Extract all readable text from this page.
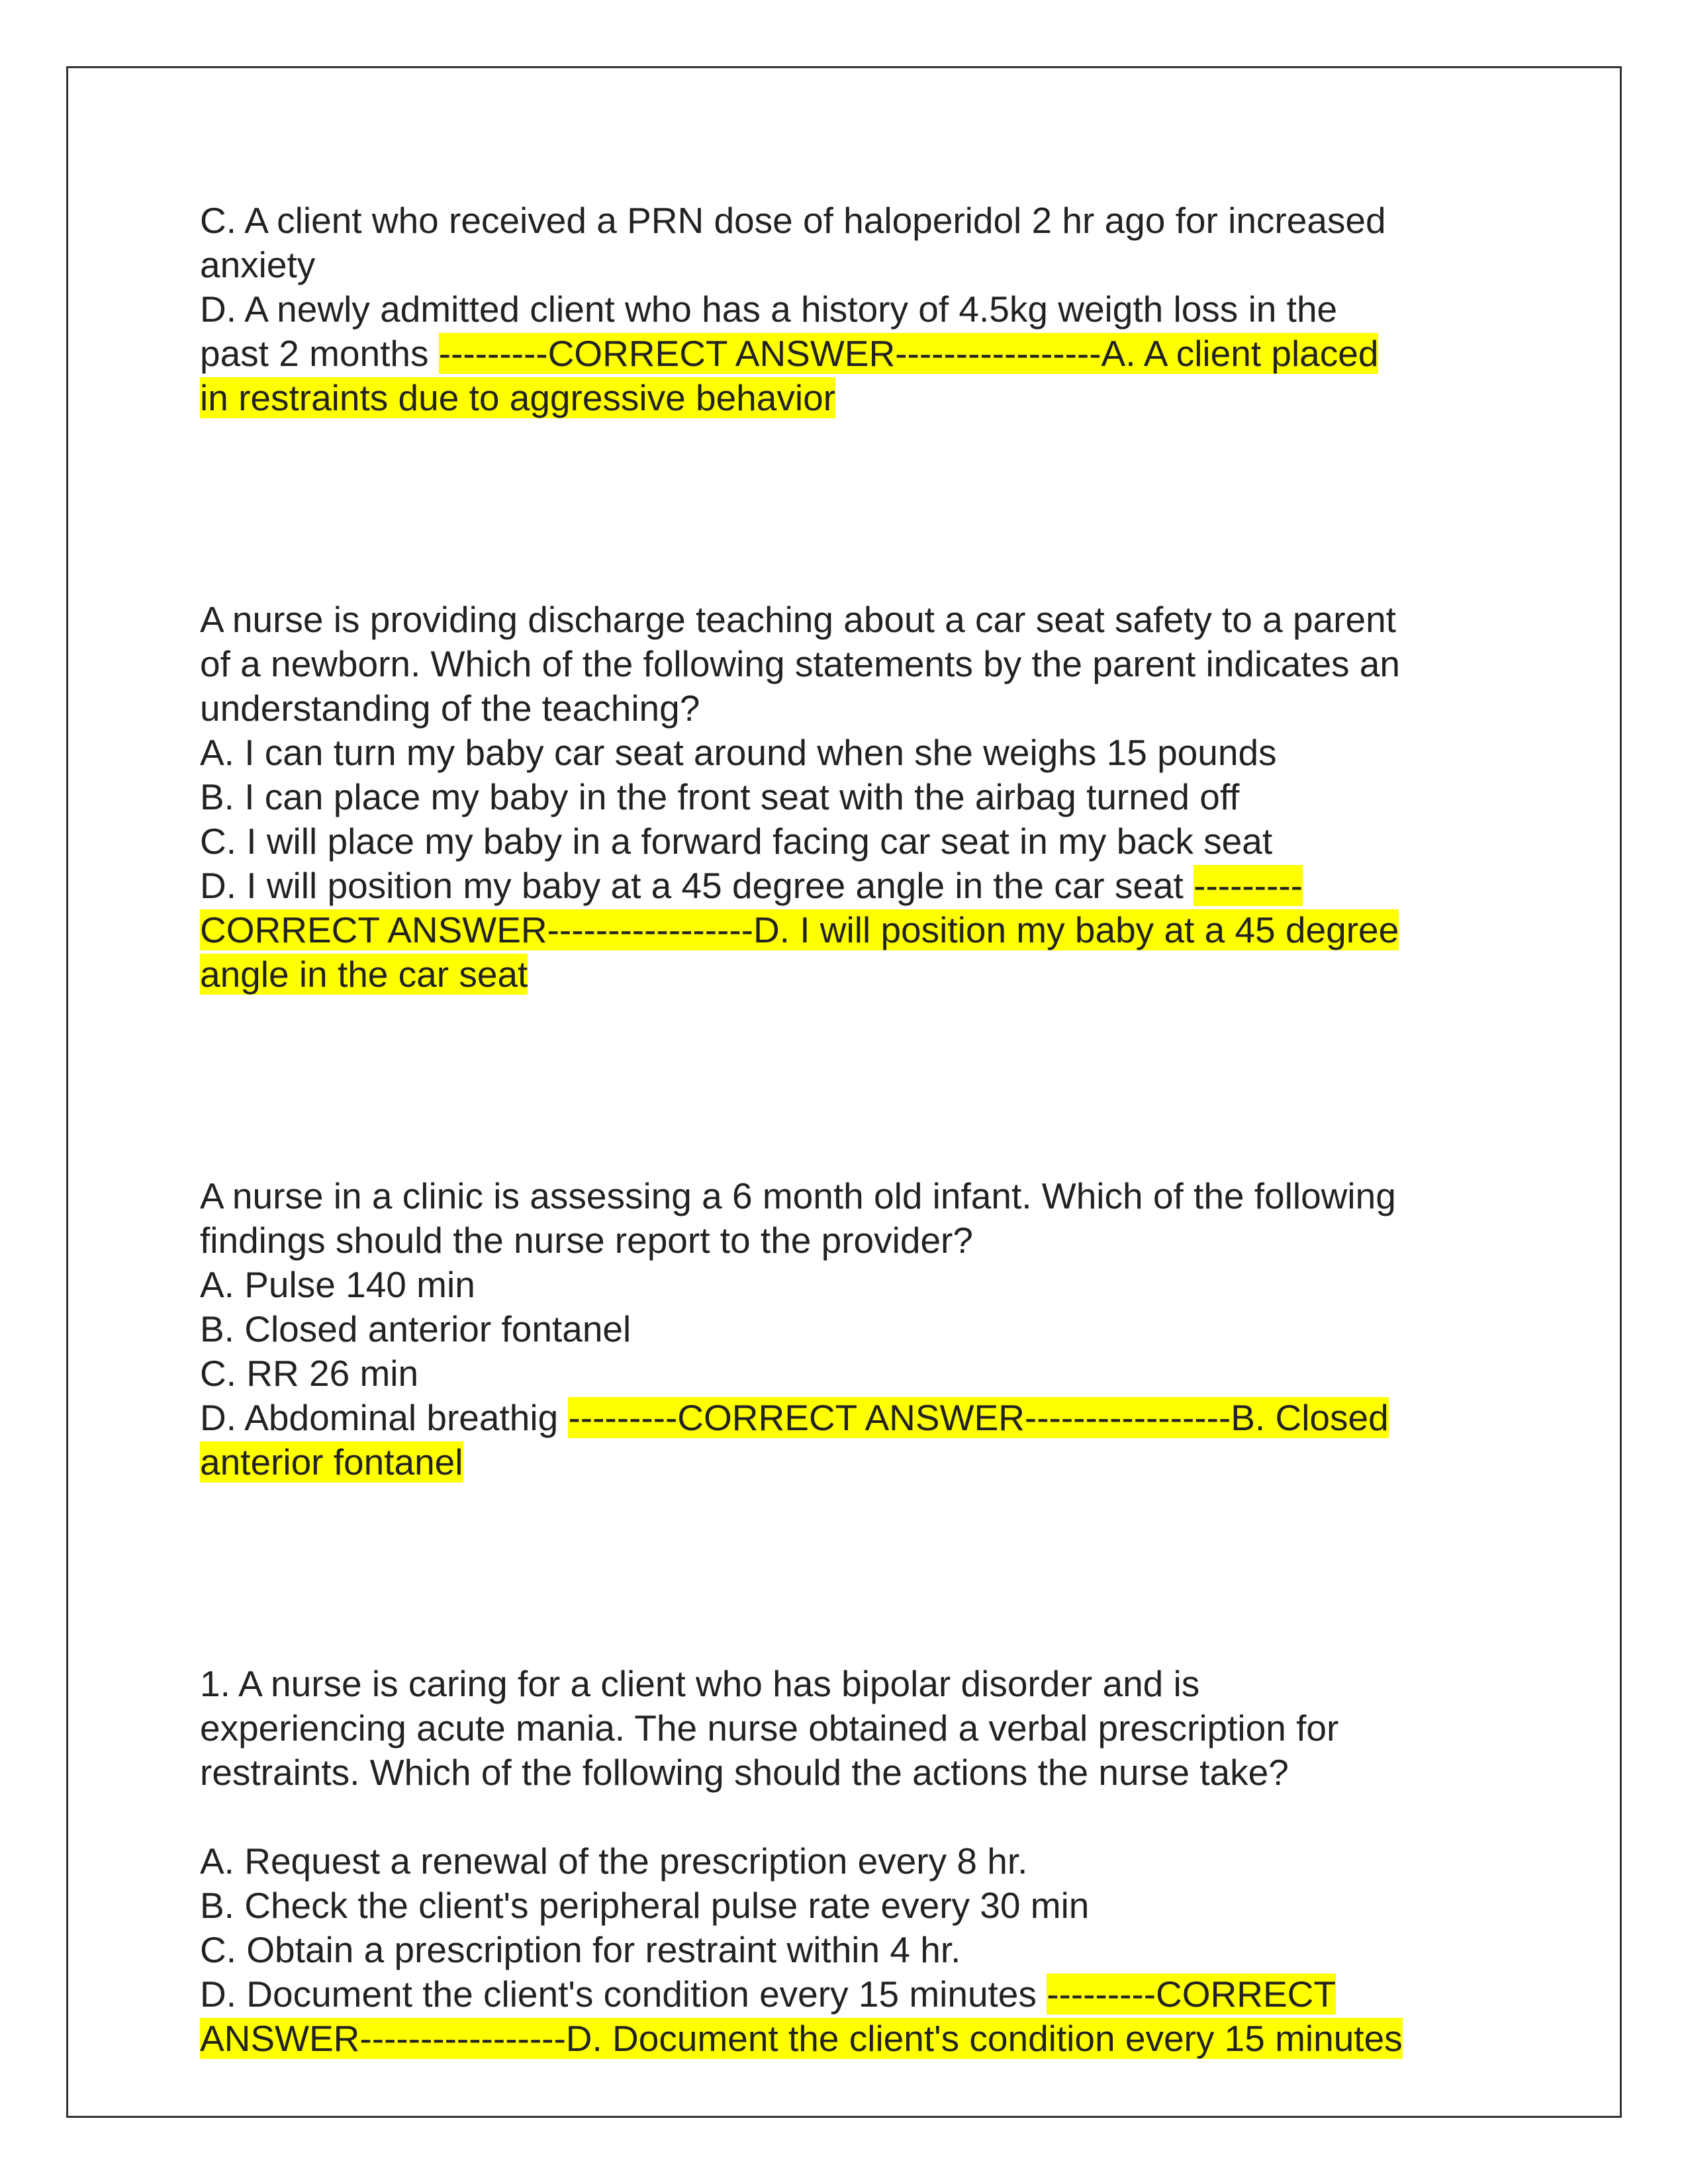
C. A client who received a PRN dose of haloperidol 2 hr ago for increased
anxiety
D. A newly admitted client who has a history of 4.5kg weigth loss in the
past 2 months ---------CORRECT ANSWER-----------------A. A client placed
in restraints due to aggressive behavior
A nurse is providing discharge teaching about a car seat safety to a parent
of a newborn. Which of the following statements by the parent indicates an
understanding of the teaching?
A. I can turn my baby car seat around when she weighs 15 pounds
B. I can place my baby in the front seat with the airbag turned off
C. I will place my baby in a forward facing car seat in my back seat
D. I will position my baby at a 45 degree angle in the car seat ---------
CORRECT ANSWER-----------------D. I will position my baby at a 45 degree
angle in the car seat
A nurse in a clinic is assessing a 6 month old infant. Which of the following
findings should the nurse report to the provider?
A. Pulse 140 min
B. Closed anterior fontanel
C. RR 26 min
D. Abdominal breathig ---------CORRECT ANSWER-----------------B. Closed
anterior fontanel
1. A nurse is caring for a client who has bipolar disorder and is
experiencing acute mania. The nurse obtained a verbal prescription for
restraints. Which of the following should the actions the nurse take?
A. Request a renewal of the prescription every 8 hr.
B. Check the client's peripheral pulse rate every 30 min
C. Obtain a prescription for restraint within 4 hr.
D. Document the client's condition every 15 minutes ---------CORRECT
ANSWER-----------------D. Document the client's condition every 15 minutes
